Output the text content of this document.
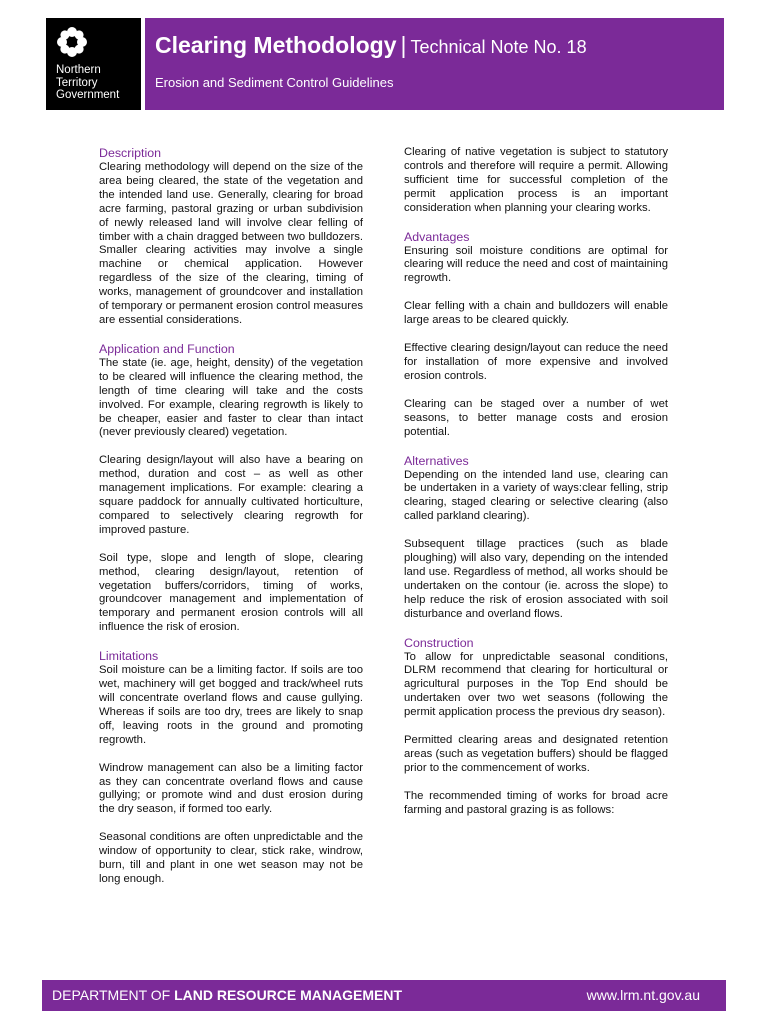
Northern
Territory
Government
Clearing Methodology | Technical Note No. 18
Erosion and Sediment Control Guidelines
Description

Clearing methodology will depend on the size of the area being cleared, the state of the vegetation and the intended land use. Generally, clearing for broad acre farming, pastoral grazing or urban subdivision of newly released land will involve clear felling of timber with a chain dragged between two bulldozers. Smaller clearing activities may involve a single machine or chemical application. However regardless of the size of the clearing, timing of works, management of groundcover and installation of temporary or permanent erosion control measures are essential considerations.

Application and Function

The state (ie. age, height, density) of the vegetation to be cleared will influence the clearing method, the length of time clearing will take and the costs involved. For example, clearing regrowth is likely to be cheaper, easier and faster to clear than intact (never previously cleared) vegetation.

Clearing design/layout will also have a bearing on method, duration and cost – as well as other management implications. For example: clearing a square paddock for annually cultivated horticulture, compared to selectively clearing regrowth for improved pasture.

Soil type, slope and length of slope, clearing method, clearing design/layout, retention of vegetation buffers/corridors, timing of works, groundcover management and implementation of temporary and permanent erosion controls will all influence the risk of erosion.

Limitations

Soil moisture can be a limiting factor. If soils are too wet, machinery will get bogged and track/wheel ruts will concentrate overland flows and cause gullying. Whereas if soils are too dry, trees are likely to snap off, leaving roots in the ground and promoting regrowth.

Windrow management can also be a limiting factor as they can concentrate overland flows and cause gullying; or promote wind and dust erosion during the dry season, if formed too early.

Seasonal conditions are often unpredictable and the window of opportunity to clear, stick rake, windrow, burn, till and plant in one wet season may not be long enough.

Clearing of native vegetation is subject to statutory controls and therefore will require a permit. Allowing sufficient time for successful completion of the permit application process is an important consideration when planning your clearing works.

Advantages

Ensuring soil moisture conditions are optimal for clearing will reduce the need and cost of maintaining regrowth.

Clear felling with a chain and bulldozers will enable large areas to be cleared quickly.

Effective clearing design/layout can reduce the need for installation of more expensive and involved erosion controls.

Clearing can be staged over a number of wet seasons, to better manage costs and erosion potential.

Alternatives

Depending on the intended land use, clearing can be undertaken in a variety of ways:clear felling, strip clearing, staged clearing or selective clearing (also called parkland clearing).

Subsequent tillage practices (such as blade ploughing) will also vary, depending on the intended land use. Regardless of method, all works should be undertaken on the contour (ie. across the slope) to help reduce the risk of erosion associated with soil disturbance and overland flows.

Construction

To allow for unpredictable seasonal conditions, DLRM recommend that clearing for horticultural or agricultural purposes in the Top End should be undertaken over two wet seasons (following the permit application process the previous dry season).

Permitted clearing areas and designated retention areas (such as vegetation buffers) should be flagged prior to the commencement of works.

The recommended timing of works for broad acre farming and pastoral grazing is as follows:

DEPARTMENT OF LAND RESOURCE MANAGEMENT	www.lrm.nt.gov.au
